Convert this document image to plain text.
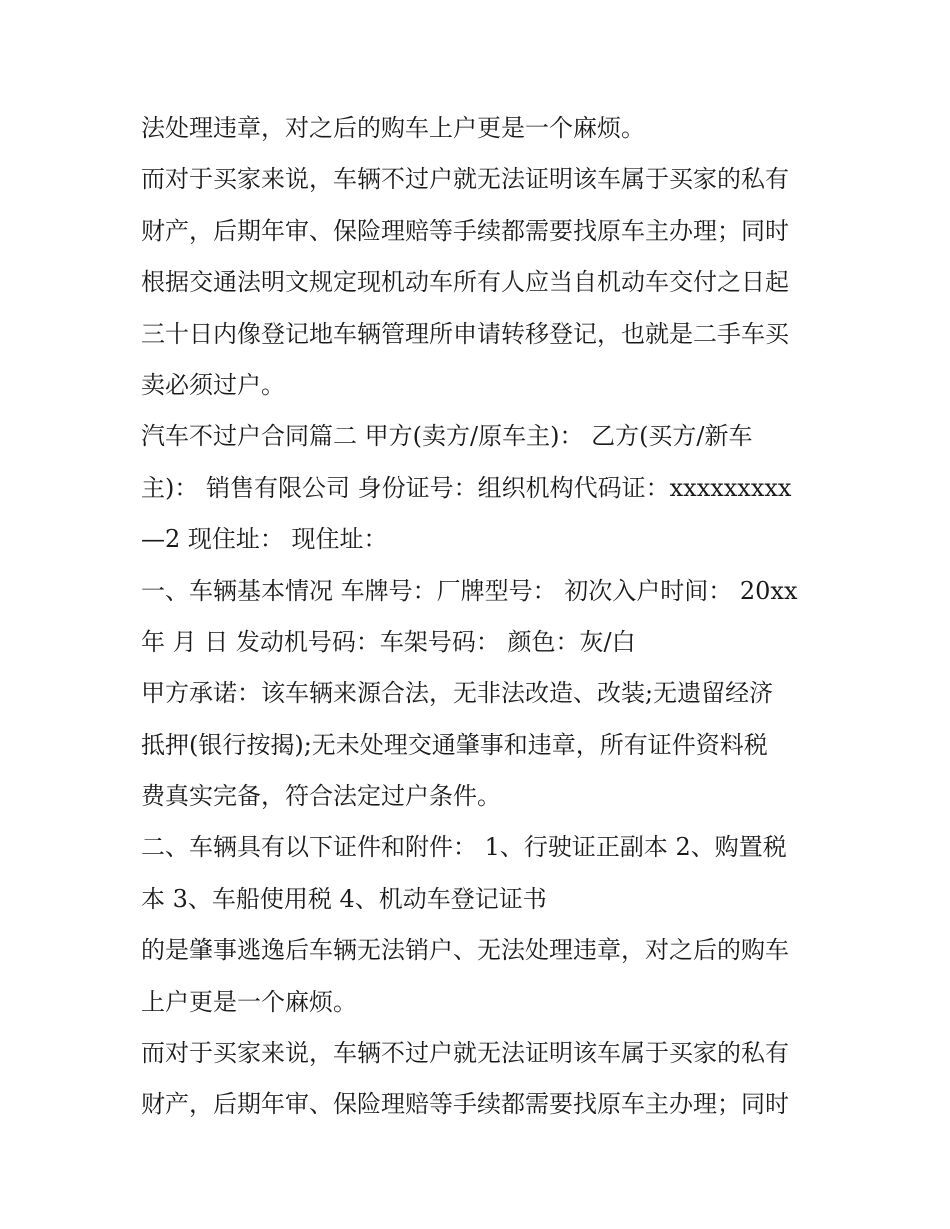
法处理违章，对之后的购车上户更是一个麻烦。
而对于买家来说，车辆不过户就无法证明该车属于买家的私有
财产，后期年审、保险理赔等手续都需要找原车主办理；同时
根据交通法明文规定现机动车所有人应当自机动车交付之日起
三十日内像登记地车辆管理所申请转移登记，也就是二手车买
卖必须过户。
汽车不过户合同篇二 甲方(卖方/原车主)： 乙方(买方/新车
主)： 销售有限公司 身份证号：组织机构代码证：xxxxxxxxx
—2 现住址： 现住址：
一、车辆基本情况 车牌号：厂牌型号： 初次入户时间： 20xx
年 月 日 发动机号码：车架号码： 颜色：灰/白
甲方承诺：该车辆来源合法，无非法改造、改装;无遗留经济
抵押(银行按揭);无未处理交通肇事和违章，所有证件资料税
费真实完备，符合法定过户条件。
二、车辆具有以下证件和附件： 1、行驶证正副本 2、购置税
本 3、车船使用税 4、机动车登记证书
的是肇事逃逸后车辆无法销户、无法处理违章，对之后的购车
上户更是一个麻烦。
而对于买家来说，车辆不过户就无法证明该车属于买家的私有
财产，后期年审、保险理赔等手续都需要找原车主办理；同时
